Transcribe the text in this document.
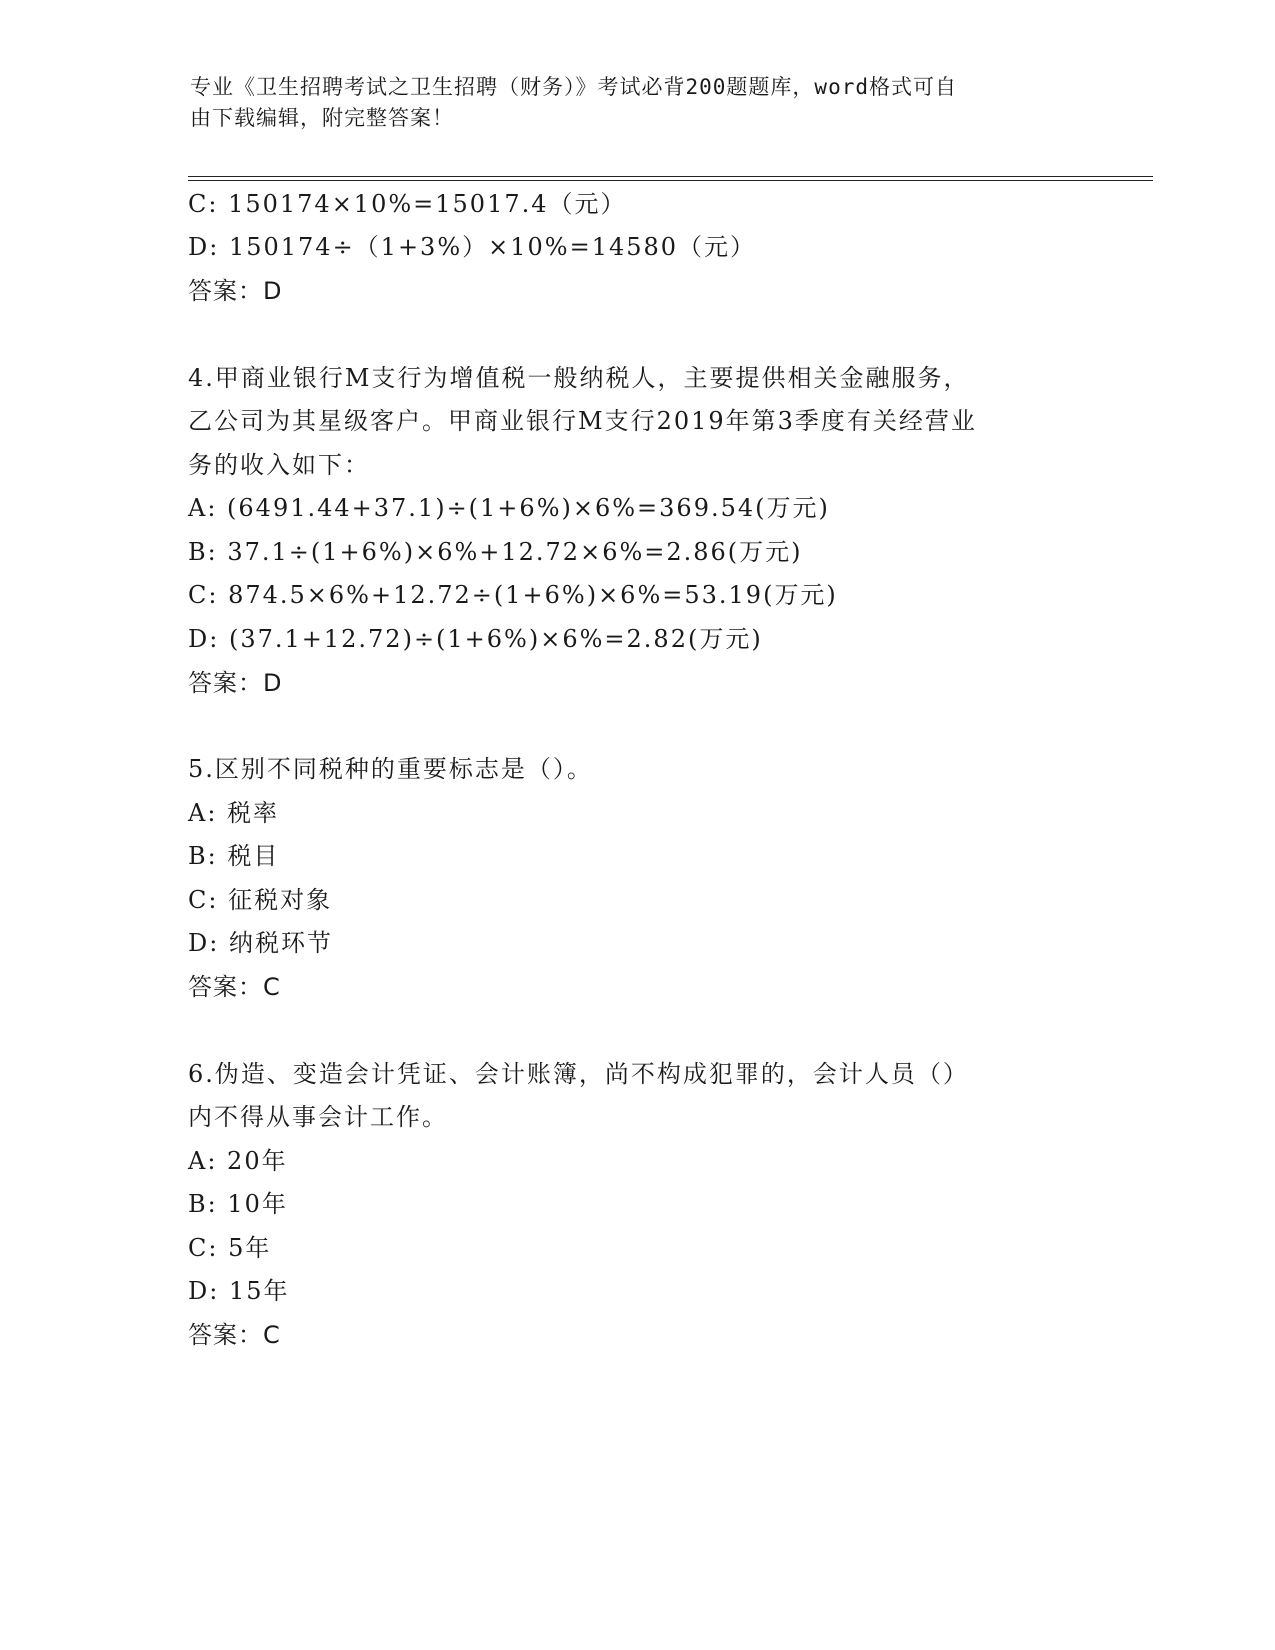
专业《卫生招聘考试之卫生招聘（财务）》考试必背200题题库，word格式可自
由下载编辑，附完整答案！
C: 150174×10%=15017.4（元）
D: 150174÷（1+3%）×10%=14580（元）
答案：D
4.甲商业银行M支行为增值税一般纳税人，主要提供相关金融服务，
乙公司为其星级客户。甲商业银行M支行2019年第3季度有关经营业
务的收入如下：
A: (6491.44+37.1)÷(1+6%)×6%=369.54(万元)
B: 37.1÷(1+6%)×6%+12.72×6%=2.86(万元)
C: 874.5×6%+12.72÷(1+6%)×6%=53.19(万元)
D: (37.1+12.72)÷(1+6%)×6%=2.82(万元)
答案：D
5.区别不同税种的重要标志是（）。
A: 税率
B: 税目
C: 征税对象
D: 纳税环节
答案：C
6.伪造、变造会计凭证、会计账簿，尚不构成犯罪的，会计人员（）
内不得从事会计工作。
A: 20年
B: 10年
C: 5年
D: 15年
答案：C
